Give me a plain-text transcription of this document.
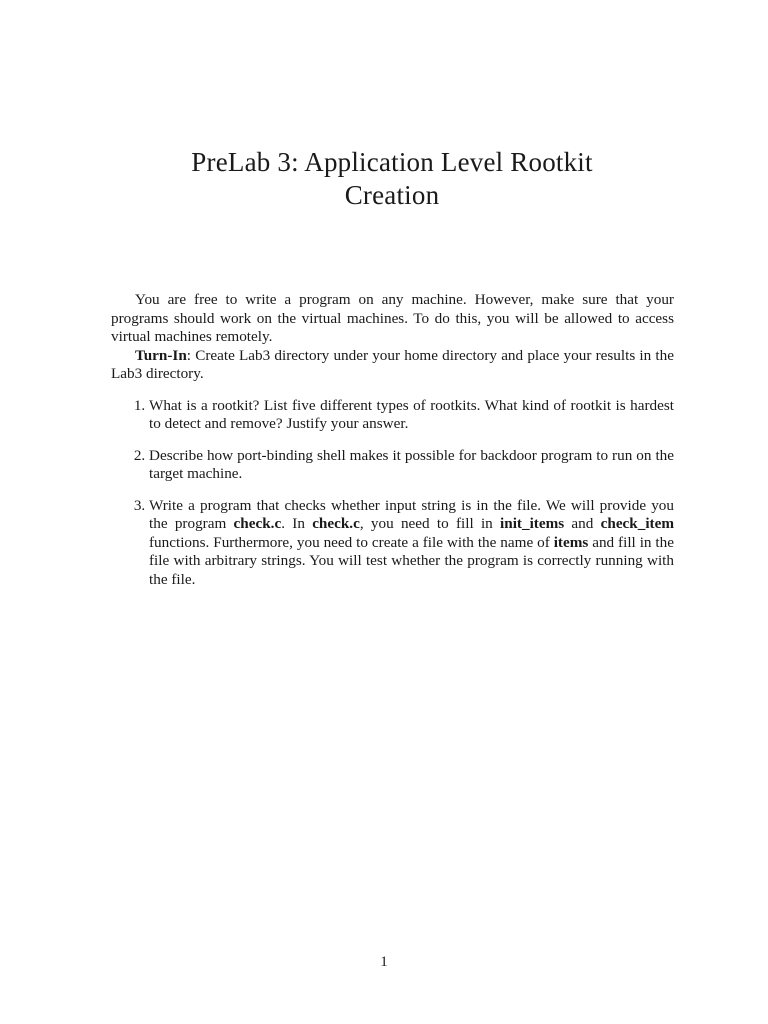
PreLab 3: Application Level Rootkit
Creation

You are free to write a program on any machine. However, make sure that your programs should work on the virtual machines. To do this, you will be allowed to access virtual machines remotely.

Turn-In: Create Lab3 directory under your home directory and place your results in the Lab3 directory.

1. What is a rootkit? List five different types of rootkits. What kind of rootkit is hardest to detect and remove? Justify your answer.
2. Describe how port-binding shell makes it possible for backdoor program to run on the target machine.
3. Write a program that checks whether input string is in the file. We will provide you the program check.c. In check.c, you need to fill in init_items and check_item functions. Furthermore, you need to create a file with the name of items and fill in the file with arbitrary strings. You will test whether the program is correctly running with the file.
1
